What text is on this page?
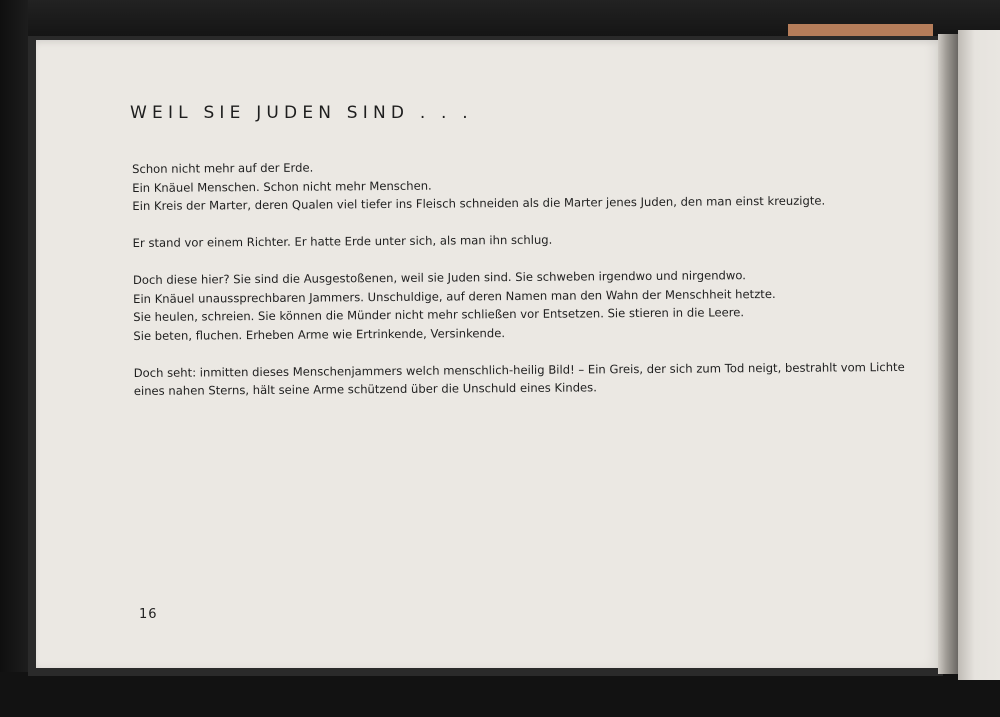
WEIL SIE JUDEN SIND . . .

Schon nicht mehr auf der Erde.
Ein Knäuel Menschen. Schon nicht mehr Menschen.
Ein Kreis der Marter, deren Qualen viel tiefer ins Fleisch schneiden als die Marter jenes Juden, den man einst kreuzigte.

Er stand vor einem Richter. Er hatte Erde unter sich, als man ihn schlug.

Doch diese hier? Sie sind die Ausgestoßenen, weil sie Juden sind. Sie schweben irgendwo und nirgendwo.
Ein Knäuel unaussprechbaren Jammers. Unschuldige, auf deren Namen man den Wahn der Menschheit hetzte.
Sie heulen, schreien. Sie können die Münder nicht mehr schließen vor Entsetzen. Sie stieren in die Leere.
Sie beten, fluchen. Erheben Arme wie Ertrinkende, Versinkende.

Doch seht: inmitten dieses Menschenjammers welch menschlich-heilig Bild! – Ein Greis, der sich zum Tod neigt, bestrahlt vom Lichte
eines nahen Sterns, hält seine Arme schützend über die Unschuld eines Kindes.

16
